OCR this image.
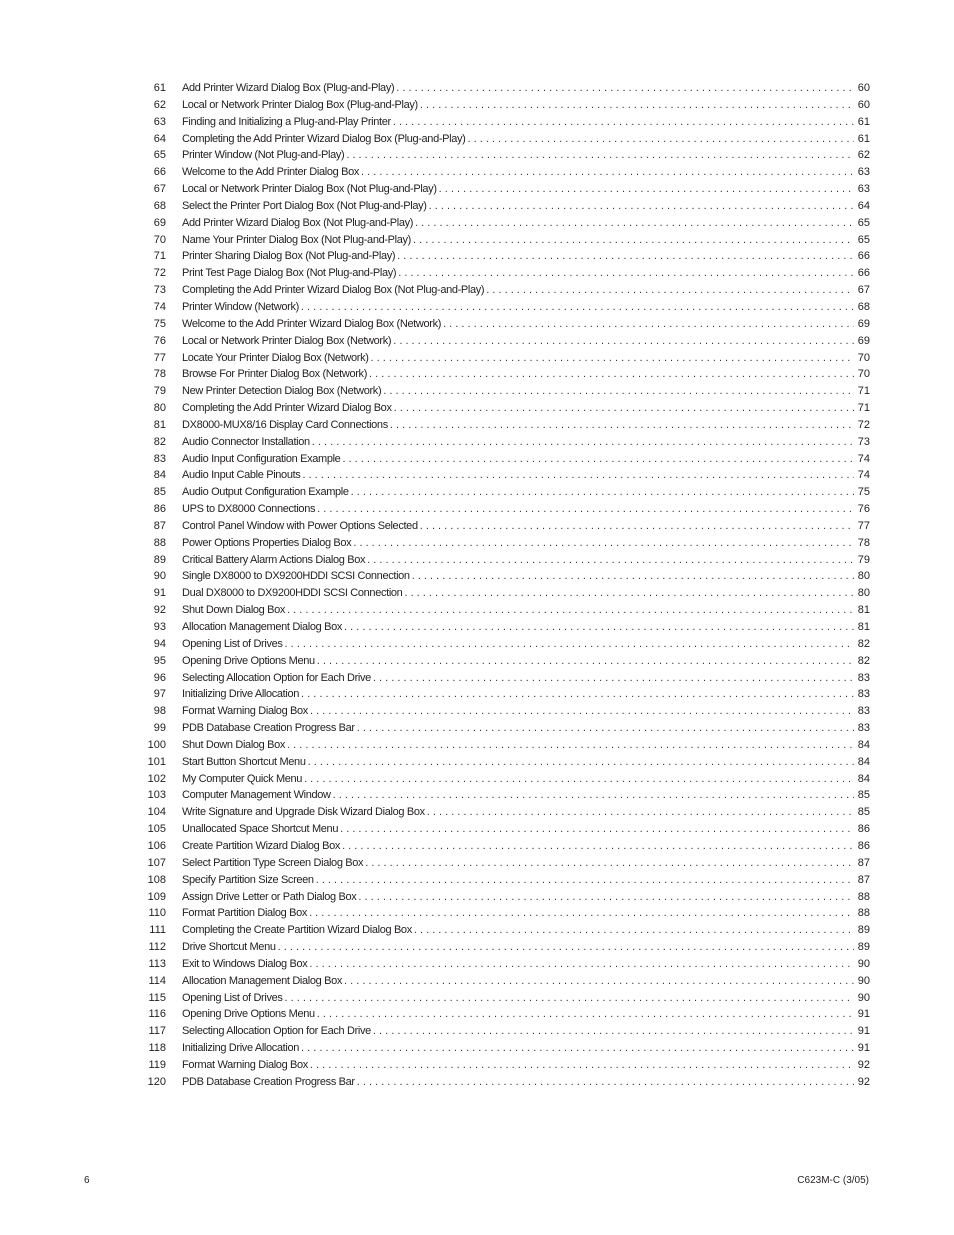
61 Add Printer Wizard Dialog Box (Plug-and-Play) . . .	60
62 Local or Network Printer Dialog Box (Plug-and-Play) . . .	60
63 Finding and Initializing a Plug-and-Play Printer . . .	61
64 Completing the Add Printer Wizard Dialog Box (Plug-and-Play) . . .	61
65 Printer Window (Not Plug-and-Play) . . .	62
66 Welcome to the Add Printer Dialog Box . . .	63
67 Local or Network Printer Dialog Box (Not Plug-and-Play) . . .	63
68 Select the Printer Port Dialog Box (Not Plug-and-Play) . . .	64
69 Add Printer Wizard Dialog Box (Not Plug-and-Play) . . .	65
70 Name Your Printer Dialog Box (Not Plug-and-Play) . . .	65
71 Printer Sharing Dialog Box (Not Plug-and-Play) . . .	66
72 Print Test Page Dialog Box (Not Plug-and-Play) . . .	66
73 Completing the Add Printer Wizard Dialog Box (Not Plug-and-Play) . . .	67
74 Printer Window (Network) . . .	68
75 Welcome to the Add Printer Wizard Dialog Box (Network) . . .	69
76 Local or Network Printer Dialog Box (Network) . . .	69
77 Locate Your Printer Dialog Box (Network) . . .	70
78 Browse For Printer Dialog Box (Network) . . .	70
79 New Printer Detection Dialog Box (Network) . . .	71
80 Completing the Add Printer Wizard Dialog Box . . .	71
81 DX8000-MUX8/16 Display Card Connections . . .	72
82 Audio Connector Installation . . .	73
83 Audio Input Configuration Example . . .	74
84 Audio Input Cable Pinouts . . .	74
85 Audio Output Configuration Example . . .	75
86 UPS to DX8000 Connections . . .	76
87 Control Panel Window with Power Options Selected . . .	77
88 Power Options Properties Dialog Box . . .	78
89 Critical Battery Alarm Actions Dialog Box . . .	79
90 Single DX8000 to DX9200HDDI SCSI Connection . . .	80
91 Dual DX8000 to DX9200HDDI SCSI Connection . . .	80
92 Shut Down Dialog Box . . .	81
93 Allocation Management Dialog Box . . .	81
94 Opening List of Drives . . .	82
95 Opening Drive Options Menu . . .	82
96 Selecting Allocation Option for Each Drive . . .	83
97 Initializing Drive Allocation . . .	83
98 Format Warning Dialog Box . . .	83
99 PDB Database Creation Progress Bar . . .	83
100 Shut Down Dialog Box . . .	84
101 Start Button Shortcut Menu . . .	84
102 My Computer Quick Menu . . .	84
103 Computer Management Window . . .	85
104 Write Signature and Upgrade Disk Wizard Dialog Box . . .	85
105 Unallocated Space Shortcut Menu . . .	86
106 Create Partition Wizard Dialog Box . . .	86
107 Select Partition Type Screen Dialog Box . . .	87
108 Specify Partition Size Screen . . .	87
109 Assign Drive Letter or Path Dialog Box . . .	88
110 Format Partition Dialog Box . . .	88
111 Completing the Create Partition Wizard Dialog Box . . .	89
112 Drive Shortcut Menu . . .	89
113 Exit to Windows Dialog Box . . .	90
114 Allocation Management Dialog Box . . .	90
115 Opening List of Drives . . .	90
116 Opening Drive Options Menu . . .	91
117 Selecting Allocation Option for Each Drive . . .	91
118 Initializing Drive Allocation . . .	91
119 Format Warning Dialog Box . . .	92
120 PDB Database Creation Progress Bar . . .	92
6	C623M-C (3/05)
